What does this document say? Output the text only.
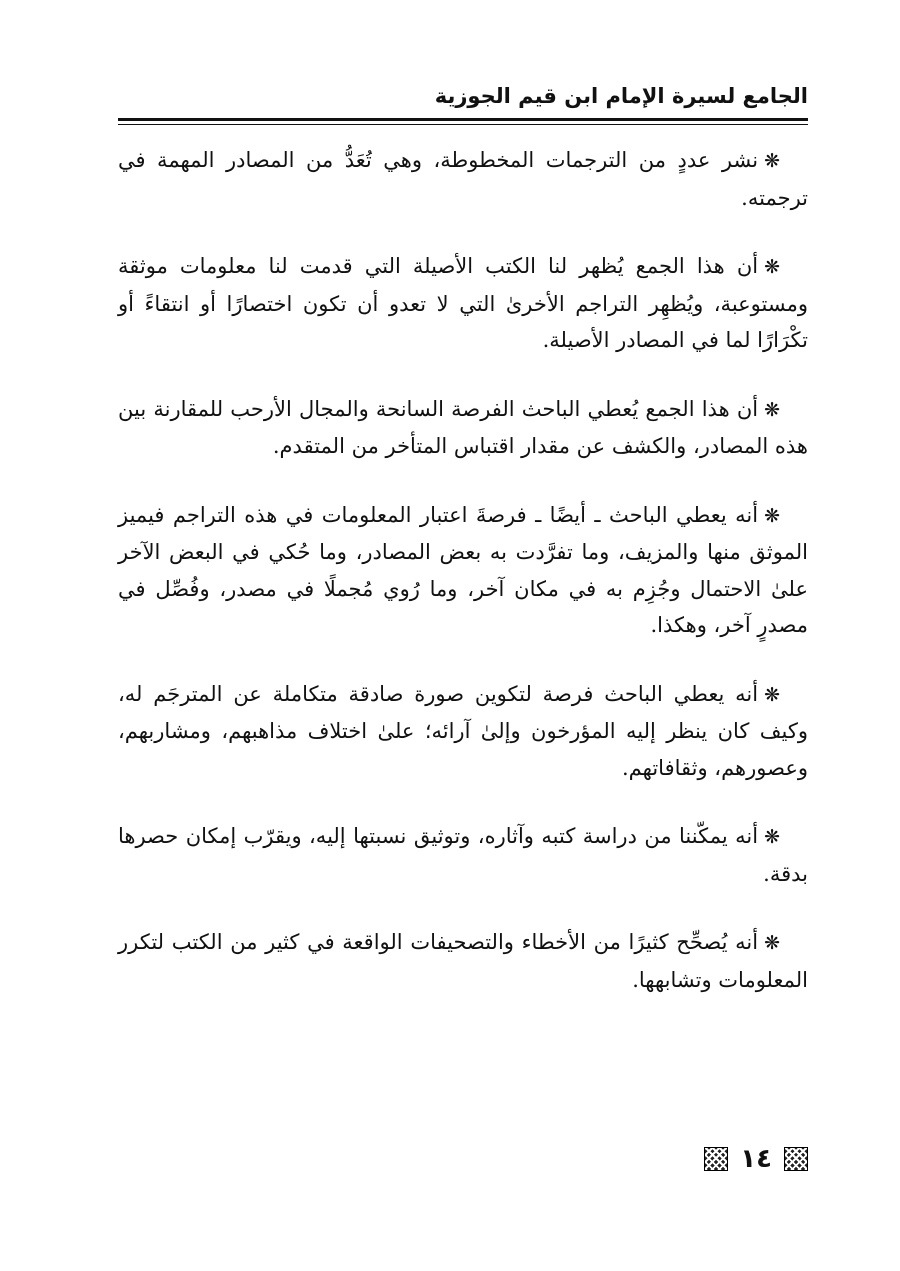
الجامع لسيرة الإمام ابن قيم الجوزية

❋نشر عددٍ من الترجمات المخطوطة، وهي تُعَدُّ من المصادر المهمة في ترجمته.

❋أن هذا الجمع يُظهر لنا الكتب الأصيلة التي قدمت لنا معلومات موثقة ومستوعبة، ويُظهِر التراجم الأخرىٰ التي لا تعدو أن تكون اختصارًا أو انتقاءً أو تكْرَارًا لما في المصادر الأصيلة.

❋أن هذا الجمع يُعطي الباحث الفرصة السانحة والمجال الأرحب للمقارنة بين هذه المصادر، والكشف عن مقدار اقتباس المتأخر من المتقدم.

❋أنه يعطي الباحث ـ أيضًا ـ فرصةَ اعتبار المعلومات في هذه التراجم فيميز الموثق منها والمزيف، وما تفرَّدت به بعض المصادر، وما حُكي في البعض الآخر علىٰ الاحتمال وجُزِم به في مكان آخر، وما رُوي مُجملًا في مصدر، وفُصِّل في مصدرٍ آخر، وهكذا.

❋أنه يعطي الباحث فرصة لتكوين صورة صادقة متكاملة عن المترجَم له، وكيف كان ينظر إليه المؤرخون وإلىٰ آرائه؛ علىٰ اختلاف مذاهبهم، ومشاربهم، وعصورهم، وثقافاتهم.

❋أنه يمكّننا من دراسة كتبه وآثاره، وتوثيق نسبتها إليه، ويقرّب إمكان حصرها بدقة.

❋أنه يُصحِّح كثيرًا من الأخطاء والتصحيفات الواقعة في كثير من الكتب لتكرر المعلومات وتشابهها.

١٤
